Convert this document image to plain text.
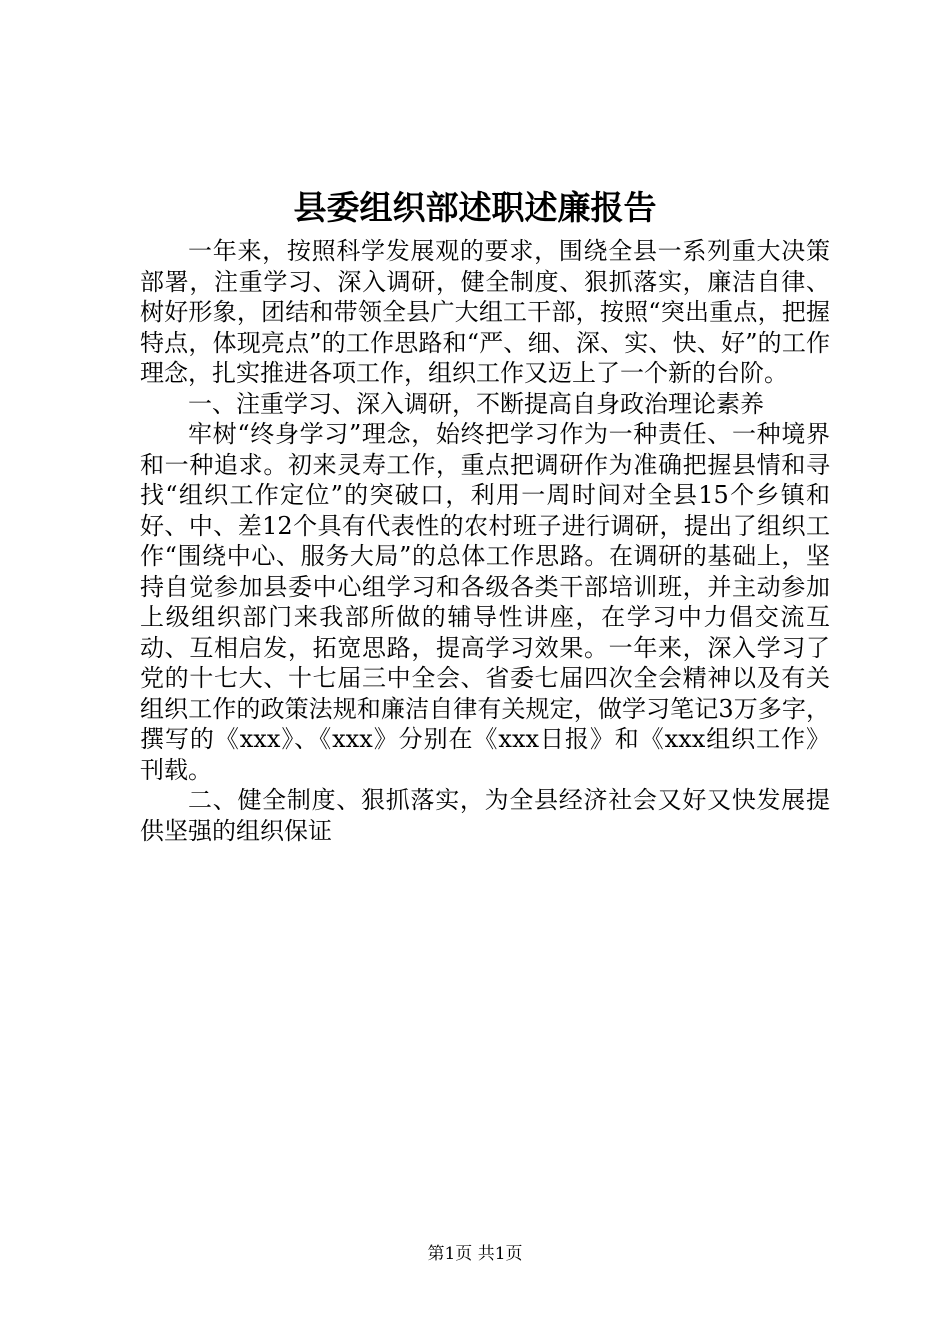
县委组织部述职述廉报告

一年来，按照科学发展观的要求，围绕全县一系列重大决策部署，注重学习、深入调研，健全制度、狠抓落实，廉洁自律、树好形象，团结和带领全县广大组工干部，按照“突出重点，把握特点，体现亮点”的工作思路和“严、细、深、实、快、好”的工作理念，扎实推进各项工作，组织工作又迈上了一个新的台阶。

一、注重学习、深入调研，不断提高自身政治理论素养

牢树“终身学习”理念，始终把学习作为一种责任、一种境界和一种追求。初来灵寿工作，重点把调研作为准确把握县情和寻找“组织工作定位”的突破口，利用一周时间对全县15个乡镇和好、中、差12个具有代表性的农村班子进行调研，提出了组织工作“围绕中心、服务大局”的总体工作思路。在调研的基础上，坚持自觉参加县委中心组学习和各级各类干部培训班，并主动参加上级组织部门来我部所做的辅导性讲座，在学习中力倡交流互动、互相启发，拓宽思路，提高学习效果。一年来，深入学习了党的十七大、十七届三中全会、省委七届四次全会精神以及有关组织工作的政策法规和廉洁自律有关规定，做学习笔记3万多字，撰写的《xxx》、《xxx》分别在《xxx日报》和《xxx组织工作》刊载。

二、健全制度、狠抓落实，为全县经济社会又好又快发展提供坚强的组织保证

第1页 共1页
